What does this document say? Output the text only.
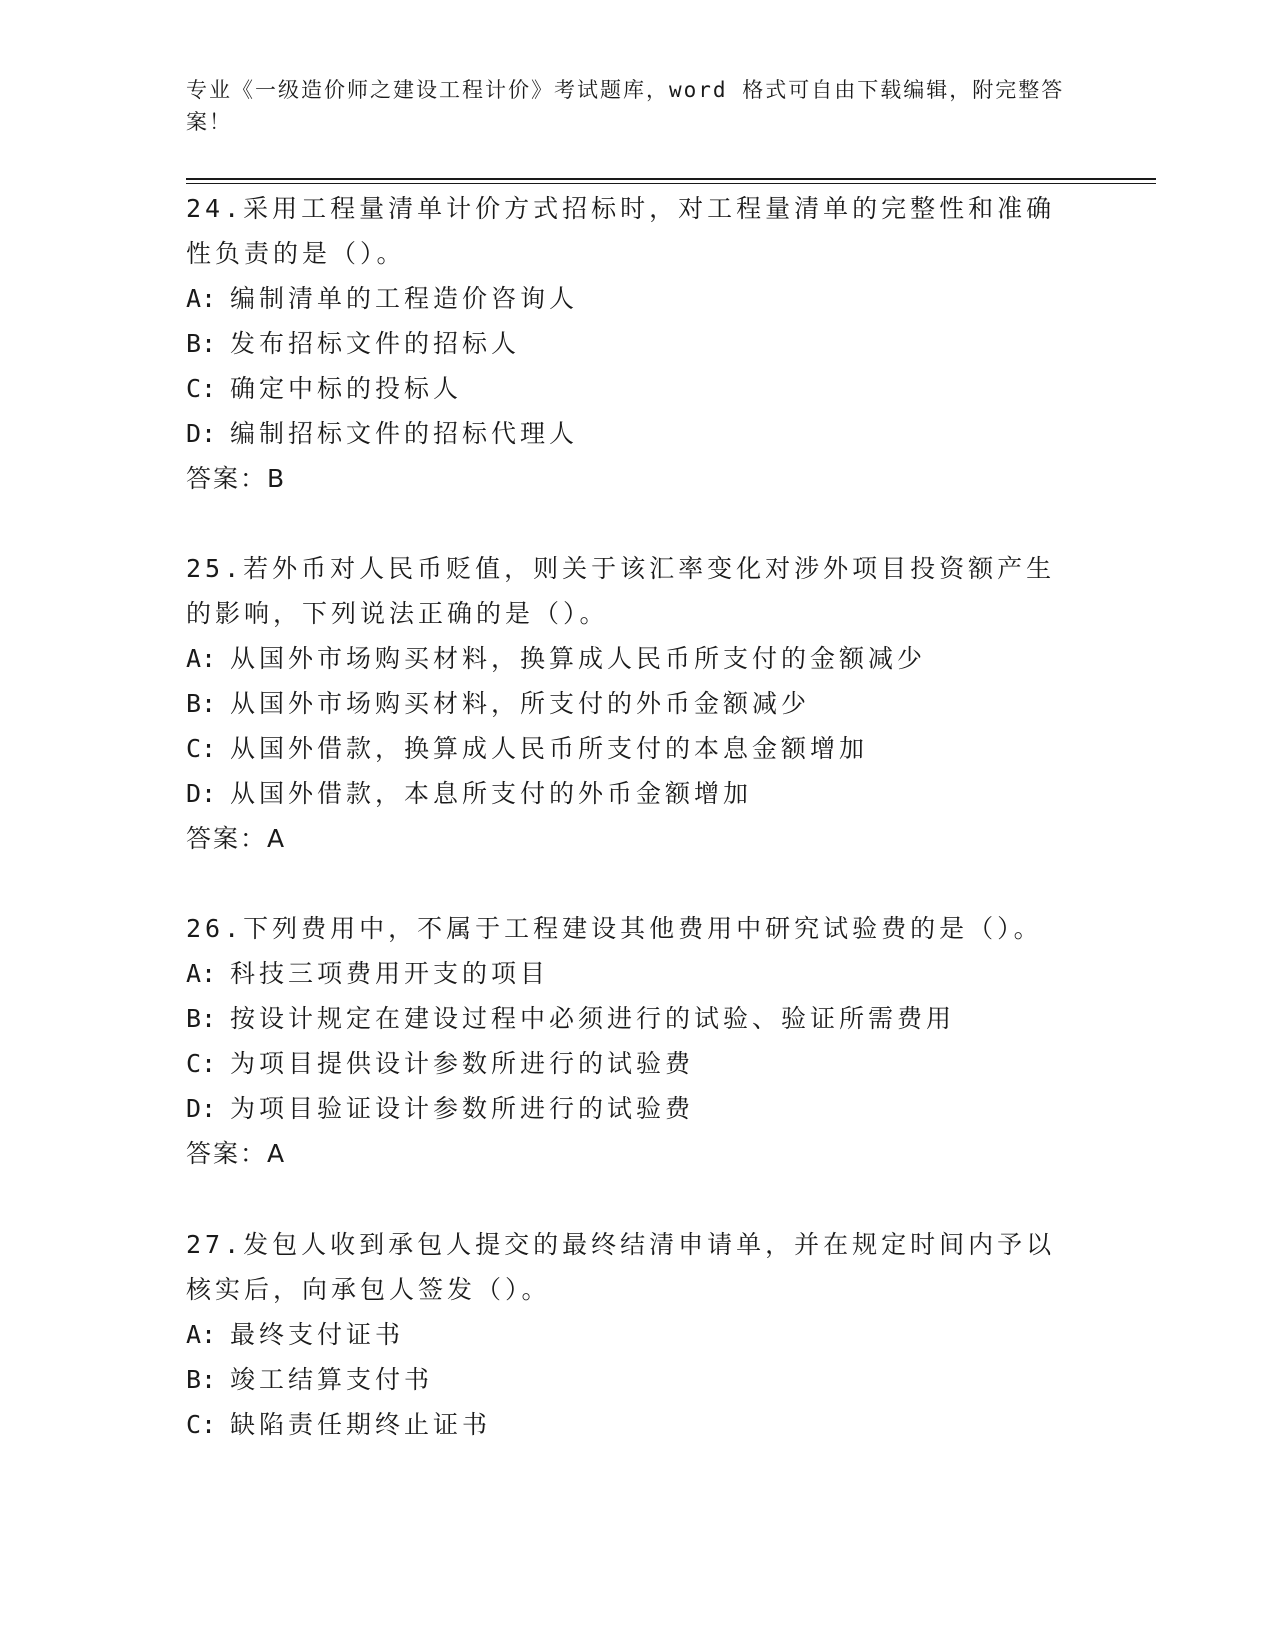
专业《一级造价师之建设工程计价》考试题库，word 格式可自由下载编辑，附完整答案！

24.采用工程量清单计价方式招标时，对工程量清单的完整性和准确性负责的是（）。

A: 编制清单的工程造价咨询人

B: 发布招标文件的招标人

C: 确定中标的投标人

D: 编制招标文件的招标代理人

答案：B

25.若外币对人民币贬值，则关于该汇率变化对涉外项目投资额产生的影响，下列说法正确的是（）。

A: 从国外市场购买材料，换算成人民币所支付的金额减少

B: 从国外市场购买材料，所支付的外币金额减少

C: 从国外借款，换算成人民币所支付的本息金额增加

D: 从国外借款，本息所支付的外币金额增加

答案：A

26.下列费用中，不属于工程建设其他费用中研究试验费的是（）。

A: 科技三项费用开支的项目

B: 按设计规定在建设过程中必须进行的试验、验证所需费用

C: 为项目提供设计参数所进行的试验费

D: 为项目验证设计参数所进行的试验费

答案：A

27.发包人收到承包人提交的最终结清申请单，并在规定时间内予以核实后，向承包人签发（）。

A: 最终支付证书

B: 竣工结算支付书

C: 缺陷责任期终止证书
